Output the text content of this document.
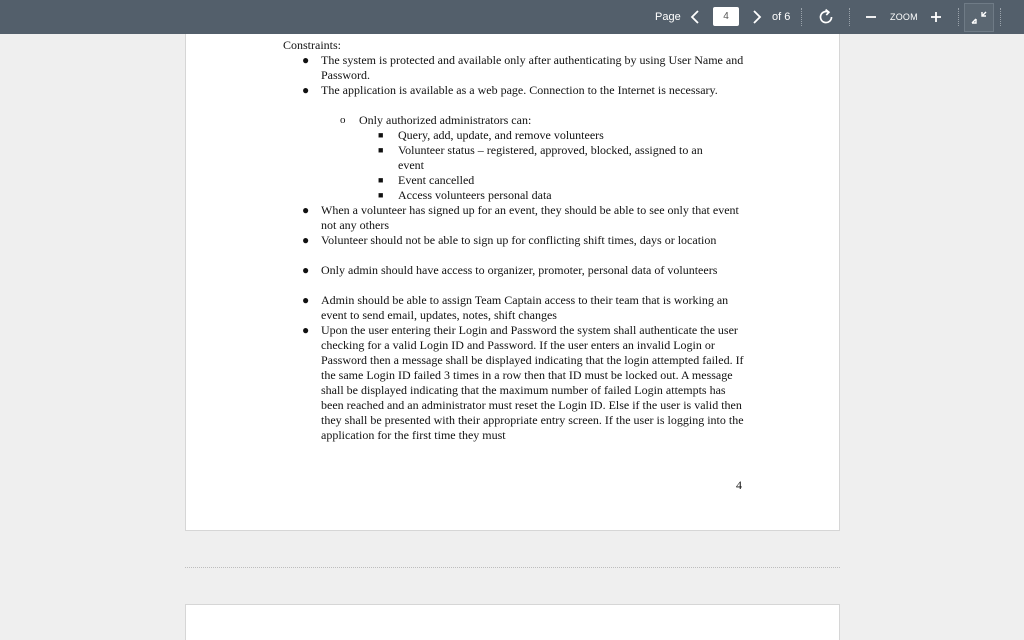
Page
4	of 6	ZOOM
Constraints:
● The system is protected and available only after authenticating by using User Name and Password.
● The application is available as a web page. Connection to the Internet is necessary.
o Only authorized administrators can:
■ Query, add, update, and remove volunteers
■ Volunteer status – registered, approved, blocked, assigned to an event
■ Event cancelled
■ Access volunteers personal data
● When a volunteer has signed up for an event, they should be able to see only that event not any others
● Volunteer should not be able to sign up for conflicting shift times, days or location
● Only admin should have access to organizer, promoter, personal data of volunteers
● Admin should be able to assign Team Captain access to their team that is working an event to send email, updates, notes, shift changes
● Upon the user entering their Login and Password the system shall authenticate the user checking for a valid Login ID and Password. If the user enters an invalid Login or Password then a message shall be displayed indicating that the login attempted failed. If the same Login ID failed 3 times in a row then that ID must be locked out. A message shall be displayed indicating that the maximum number of failed Login attempts has been reached and an administrator must reset the Login ID. Else if the user is valid then they shall be presented with their appropriate entry screen. If the user is logging into the application for the first time they must
4
